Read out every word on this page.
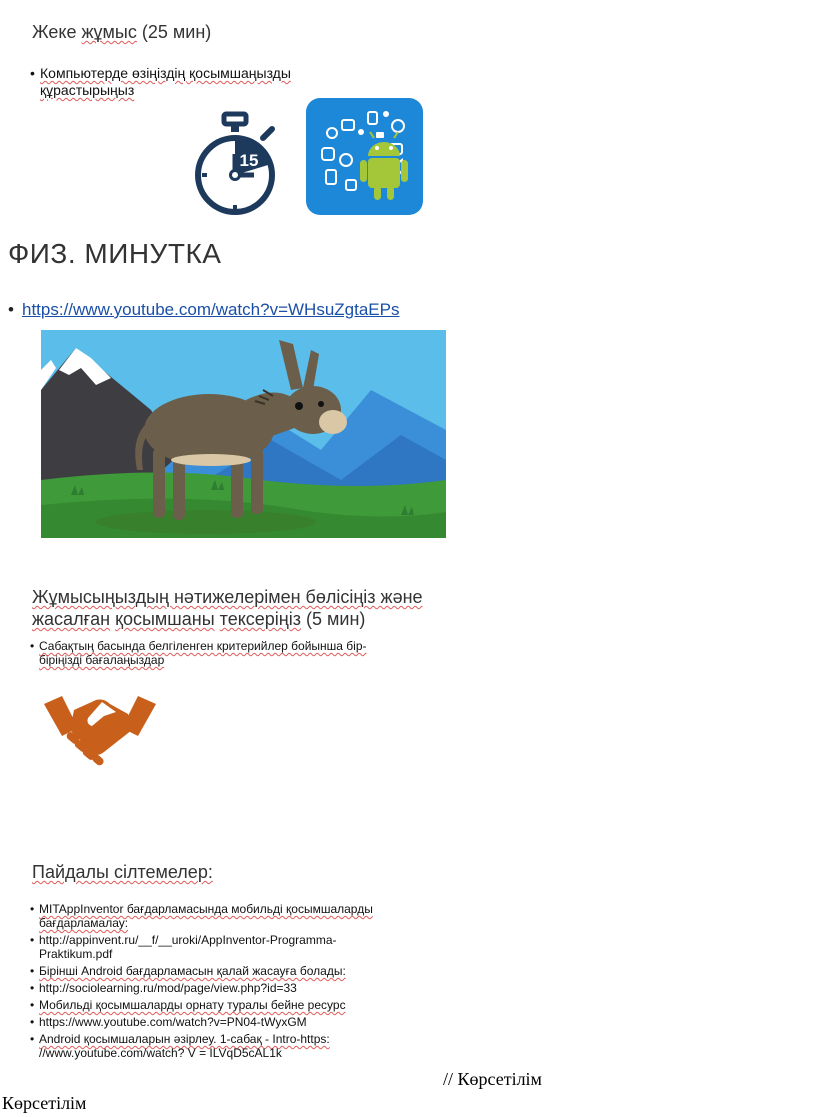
Жеке жұмыс (25 мин)
• Компьютерде өзіңіздің қосымшаңызды
құрастырыңыз
15
ФИЗ. МИНУТКА
• https://www.youtube.com/watch?v=WHsuZgtaEPs
Жұмысыңыздың нәтижелерімен бөлісіңіз және
жасалған қосымшаны тексеріңіз (5 мин)
• Сабақтың басында белгіленген критерийлер бойынша бір-
біріңізді бағалаңыздар
Пайдалы сілтемелер:
• MITAppInventor бағдарламасында мобильді қосымшаларды
бағдарламалау:
• http://appinvent.ru/__f/__uroki/AppInventor-Programma-
Praktikum.pdf
• Бірінші Android бағдарламасын қалай жасауға болады:
• http://sociolearning.ru/mod/page/view.php?id=33
• Мобильді қосымшаларды орнату туралы бейне ресурс
• https://www.youtube.com/watch?v=PN04-tWyxGM
• Android қосымшаларын әзірлеу. 1-сабақ - Intro-https:
//www.youtube.com/watch? V = ILVqD5cAL1k
// Көрсетілім
Көрсетілім
